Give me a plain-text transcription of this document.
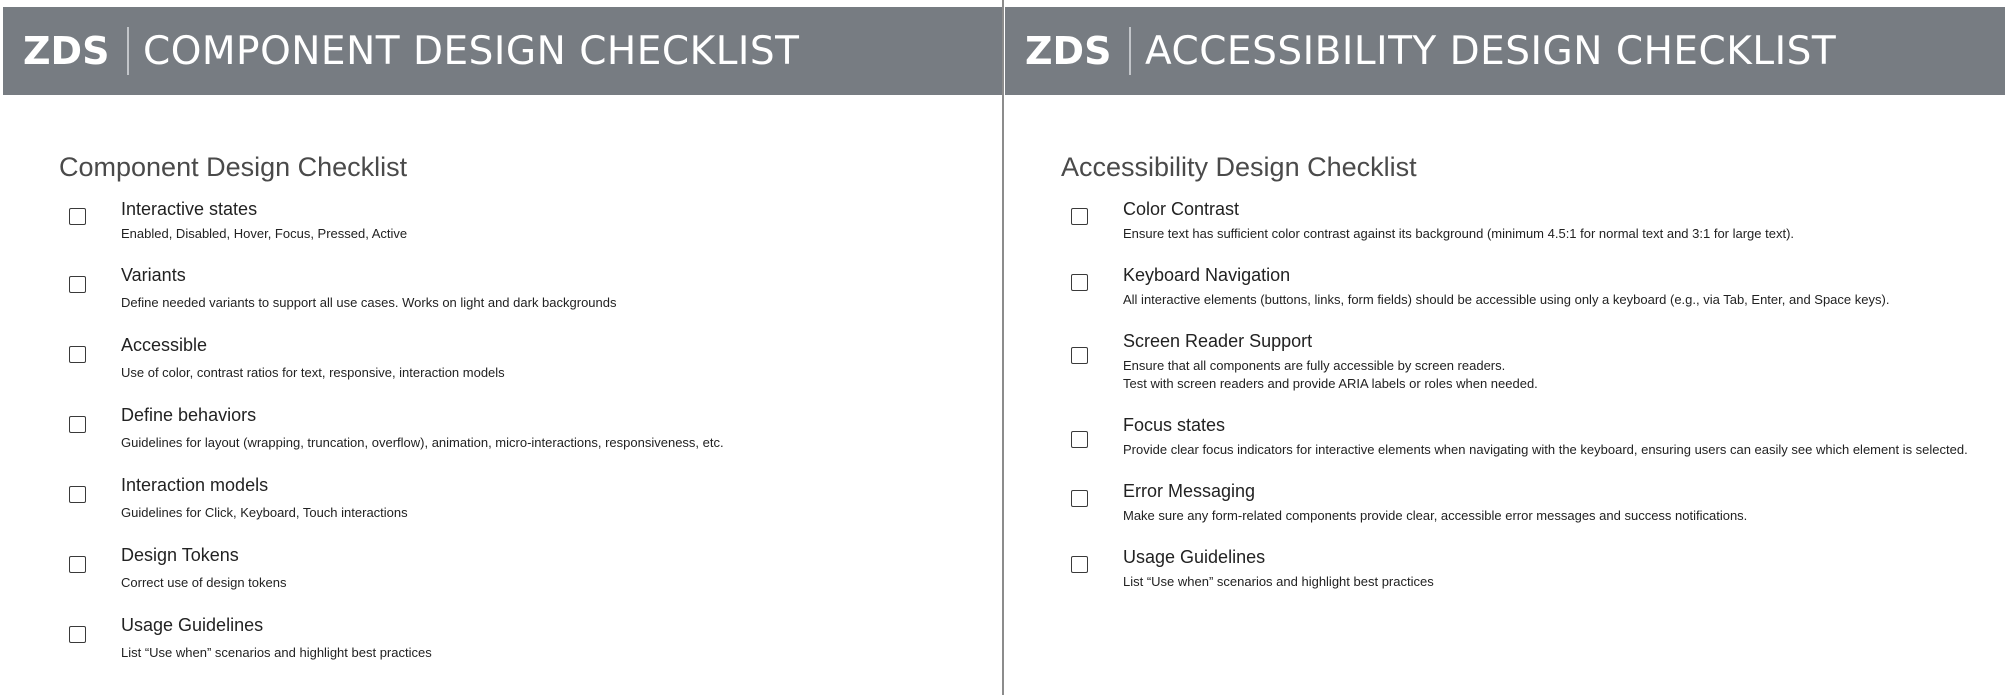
ZDS COMPONENT DESIGN CHECKLIST
Component Design Checklist
Interactive states
Enabled, Disabled, Hover, Focus, Pressed, Active
Variants
Define needed variants to support all use cases. Works on light and dark backgrounds
Accessible
Use of color, contrast ratios for text, responsive, interaction models
Define behaviors
Guidelines for layout (wrapping, truncation, overflow), animation, micro-interactions, responsiveness, etc.
Interaction models
Guidelines for Click, Keyboard, Touch interactions
Design Tokens
Correct use of design tokens
Usage Guidelines
List “Use when” scenarios and highlight best practices
ZDS ACCESSIBILITY DESIGN CHECKLIST
Accessibility Design Checklist
Color Contrast
Ensure text has sufficient color contrast against its background (minimum 4.5:1 for normal text and 3:1 for large text).
Keyboard Navigation
All interactive elements (buttons, links, form fields) should be accessible using only a keyboard (e.g., via Tab, Enter, and Space keys).
Screen Reader Support
Ensure that all components are fully accessible by screen readers.
Test with screen readers and provide ARIA labels or roles when needed.
Focus states
Provide clear focus indicators for interactive elements when navigating with the keyboard, ensuring users can easily see which element is selected.
Error Messaging
Make sure any form-related components provide clear, accessible error messages and success notifications.
Usage Guidelines
List “Use when” scenarios and highlight best practices
